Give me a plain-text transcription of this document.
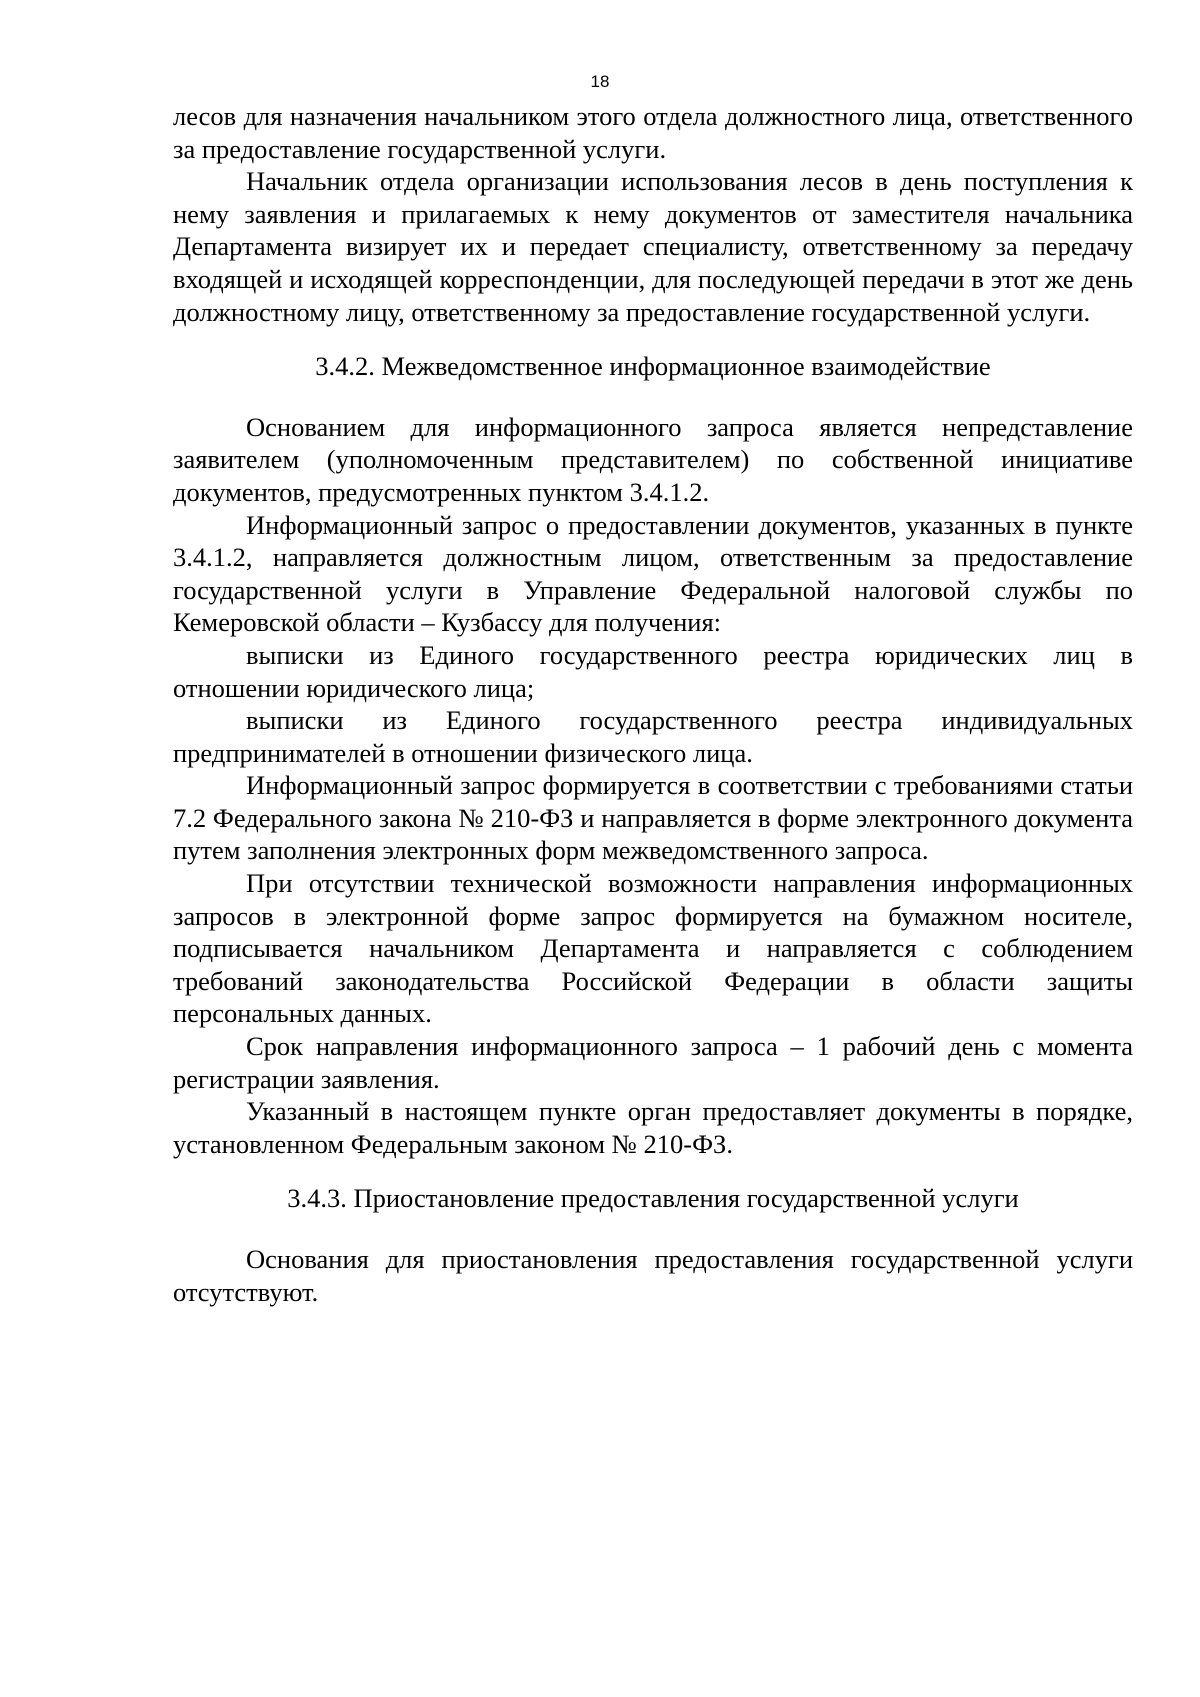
18

лесов для назначения начальником этого отдела должностного лица, ответственного за предоставление государственной услуги.

Начальник отдела организации использования лесов в день поступления к нему заявления и прилагаемых к нему документов от заместителя начальника Департамента визирует их и передает специалисту, ответственному за передачу входящей и исходящей корреспонденции, для последующей передачи в этот же день должностному лицу, ответственному за предоставление государственной услуги.

3.4.2. Межведомственное информационное взаимодействие

Основанием для информационного запроса является непредставление заявителем (уполномоченным представителем) по собственной инициативе документов, предусмотренных пунктом 3.4.1.2.

Информационный запрос о предоставлении документов, указанных в пункте 3.4.1.2, направляется должностным лицом, ответственным за предоставление государственной услуги в Управление Федеральной налоговой службы по Кемеровской области – Кузбассу для получения:

выписки из Единого государственного реестра юридических лиц в отношении юридического лица;

выписки из Единого государственного реестра индивидуальных предпринимателей в отношении физического лица.

Информационный запрос формируется в соответствии с требованиями статьи 7.2 Федерального закона № 210-ФЗ и направляется в форме электронного документа путем заполнения электронных форм межведомственного запроса.

При отсутствии технической возможности направления информационных запросов в электронной форме запрос формируется на бумажном носителе, подписывается начальником Департамента и направляется с соблюдением требований законодательства Российской Федерации в области защиты персональных данных.

Срок направления информационного запроса – 1 рабочий день с момента регистрации заявления.

Указанный в настоящем пункте орган предоставляет документы в порядке, установленном Федеральным законом № 210-ФЗ.

3.4.3. Приостановление предоставления государственной услуги

Основания для приостановления предоставления государственной услуги отсутствуют.
